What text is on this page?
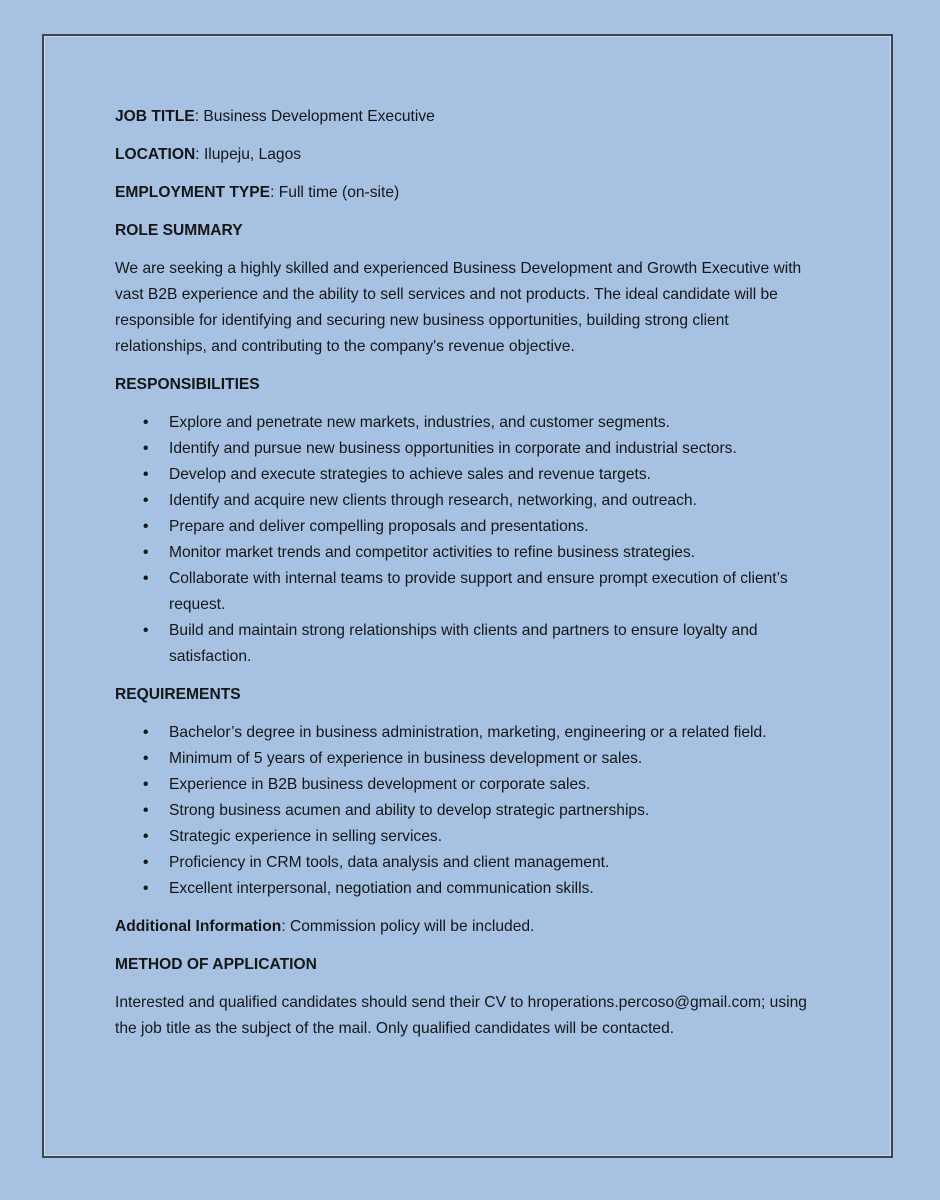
JOB TITLE: Business Development Executive
LOCATION: Ilupeju, Lagos
EMPLOYMENT TYPE: Full time (on-site)
ROLE SUMMARY

We are seeking a highly skilled and experienced Business Development and Growth Executive with vast B2B experience and the ability to sell services and not products. The ideal candidate will be responsible for identifying and securing new business opportunities, building strong client relationships, and contributing to the company's revenue objective.

RESPONSIBILITIES
•	Explore and penetrate new markets, industries, and customer segments.
•	Identify and pursue new business opportunities in corporate and industrial sectors.
•	Develop and execute strategies to achieve sales and revenue targets.
•	Identify and acquire new clients through research, networking, and outreach.
•	Prepare and deliver compelling proposals and presentations.
•	Monitor market trends and competitor activities to refine business strategies.
•	Collaborate with internal teams to provide support and ensure prompt execution of client’s request.
•	Build and maintain strong relationships with clients and partners to ensure loyalty and satisfaction.
REQUIREMENTS
•	Bachelor’s degree in business administration, marketing, engineering or a related field.
•	Minimum of 5 years of experience in business development or sales.
•	Experience in B2B business development or corporate sales.
•	Strong business acumen and ability to develop strategic partnerships.
•	Strategic experience in selling services.
•	Proficiency in CRM tools, data analysis and client management.
•	Excellent interpersonal, negotiation and communication skills.
Additional Information: Commission policy will be included.
METHOD OF APPLICATION

Interested and qualified candidates should send their CV to hroperations.percoso@gmail.com; using the job title as the subject of the mail. Only qualified candidates will be contacted.
